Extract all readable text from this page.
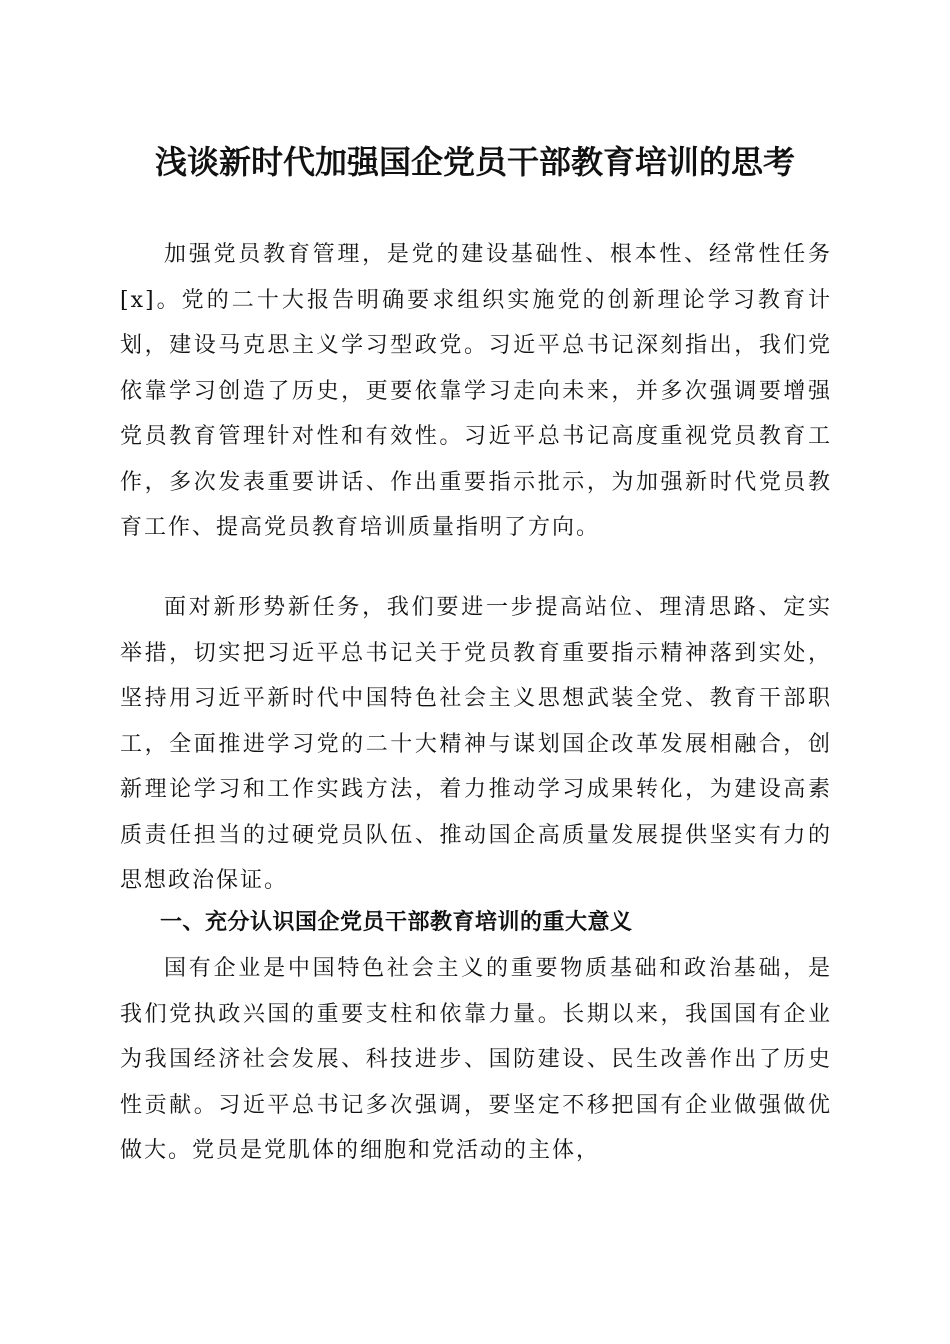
浅谈新时代加强国企党员干部教育培训的思考

加强党员教育管理，是党的建设基础性、根本性、经常性任务[x]。党的二十大报告明确要求组织实施党的创新理论学习教育计划，建设马克思主义学习型政党。习近平总书记深刻指出，我们党依靠学习创造了历史，更要依靠学习走向未来，并多次强调要增强党员教育管理针对性和有效性。习近平总书记高度重视党员教育工作，多次发表重要讲话、作出重要指示批示，为加强新时代党员教育工作、提高党员教育培训质量指明了方向。

面对新形势新任务，我们要进一步提高站位、理清思路、定实举措，切实把习近平总书记关于党员教育重要指示精神落到实处，坚持用习近平新时代中国特色社会主义思想武装全党、教育干部职工，全面推进学习党的二十大精神与谋划国企改革发展相融合，创新理论学习和工作实践方法，着力推动学习成果转化，为建设高素质责任担当的过硬党员队伍、推动国企高质量发展提供坚实有力的思想政治保证。

一、充分认识国企党员干部教育培训的重大意义

国有企业是中国特色社会主义的重要物质基础和政治基础，是我们党执政兴国的重要支柱和依靠力量。长期以来，我国国有企业为我国经济社会发展、科技进步、国防建设、民生改善作出了历史性贡献。习近平总书记多次强调，要坚定不移把国有企业做强做优做大。党员是党肌体的细胞和党活动的主体，
